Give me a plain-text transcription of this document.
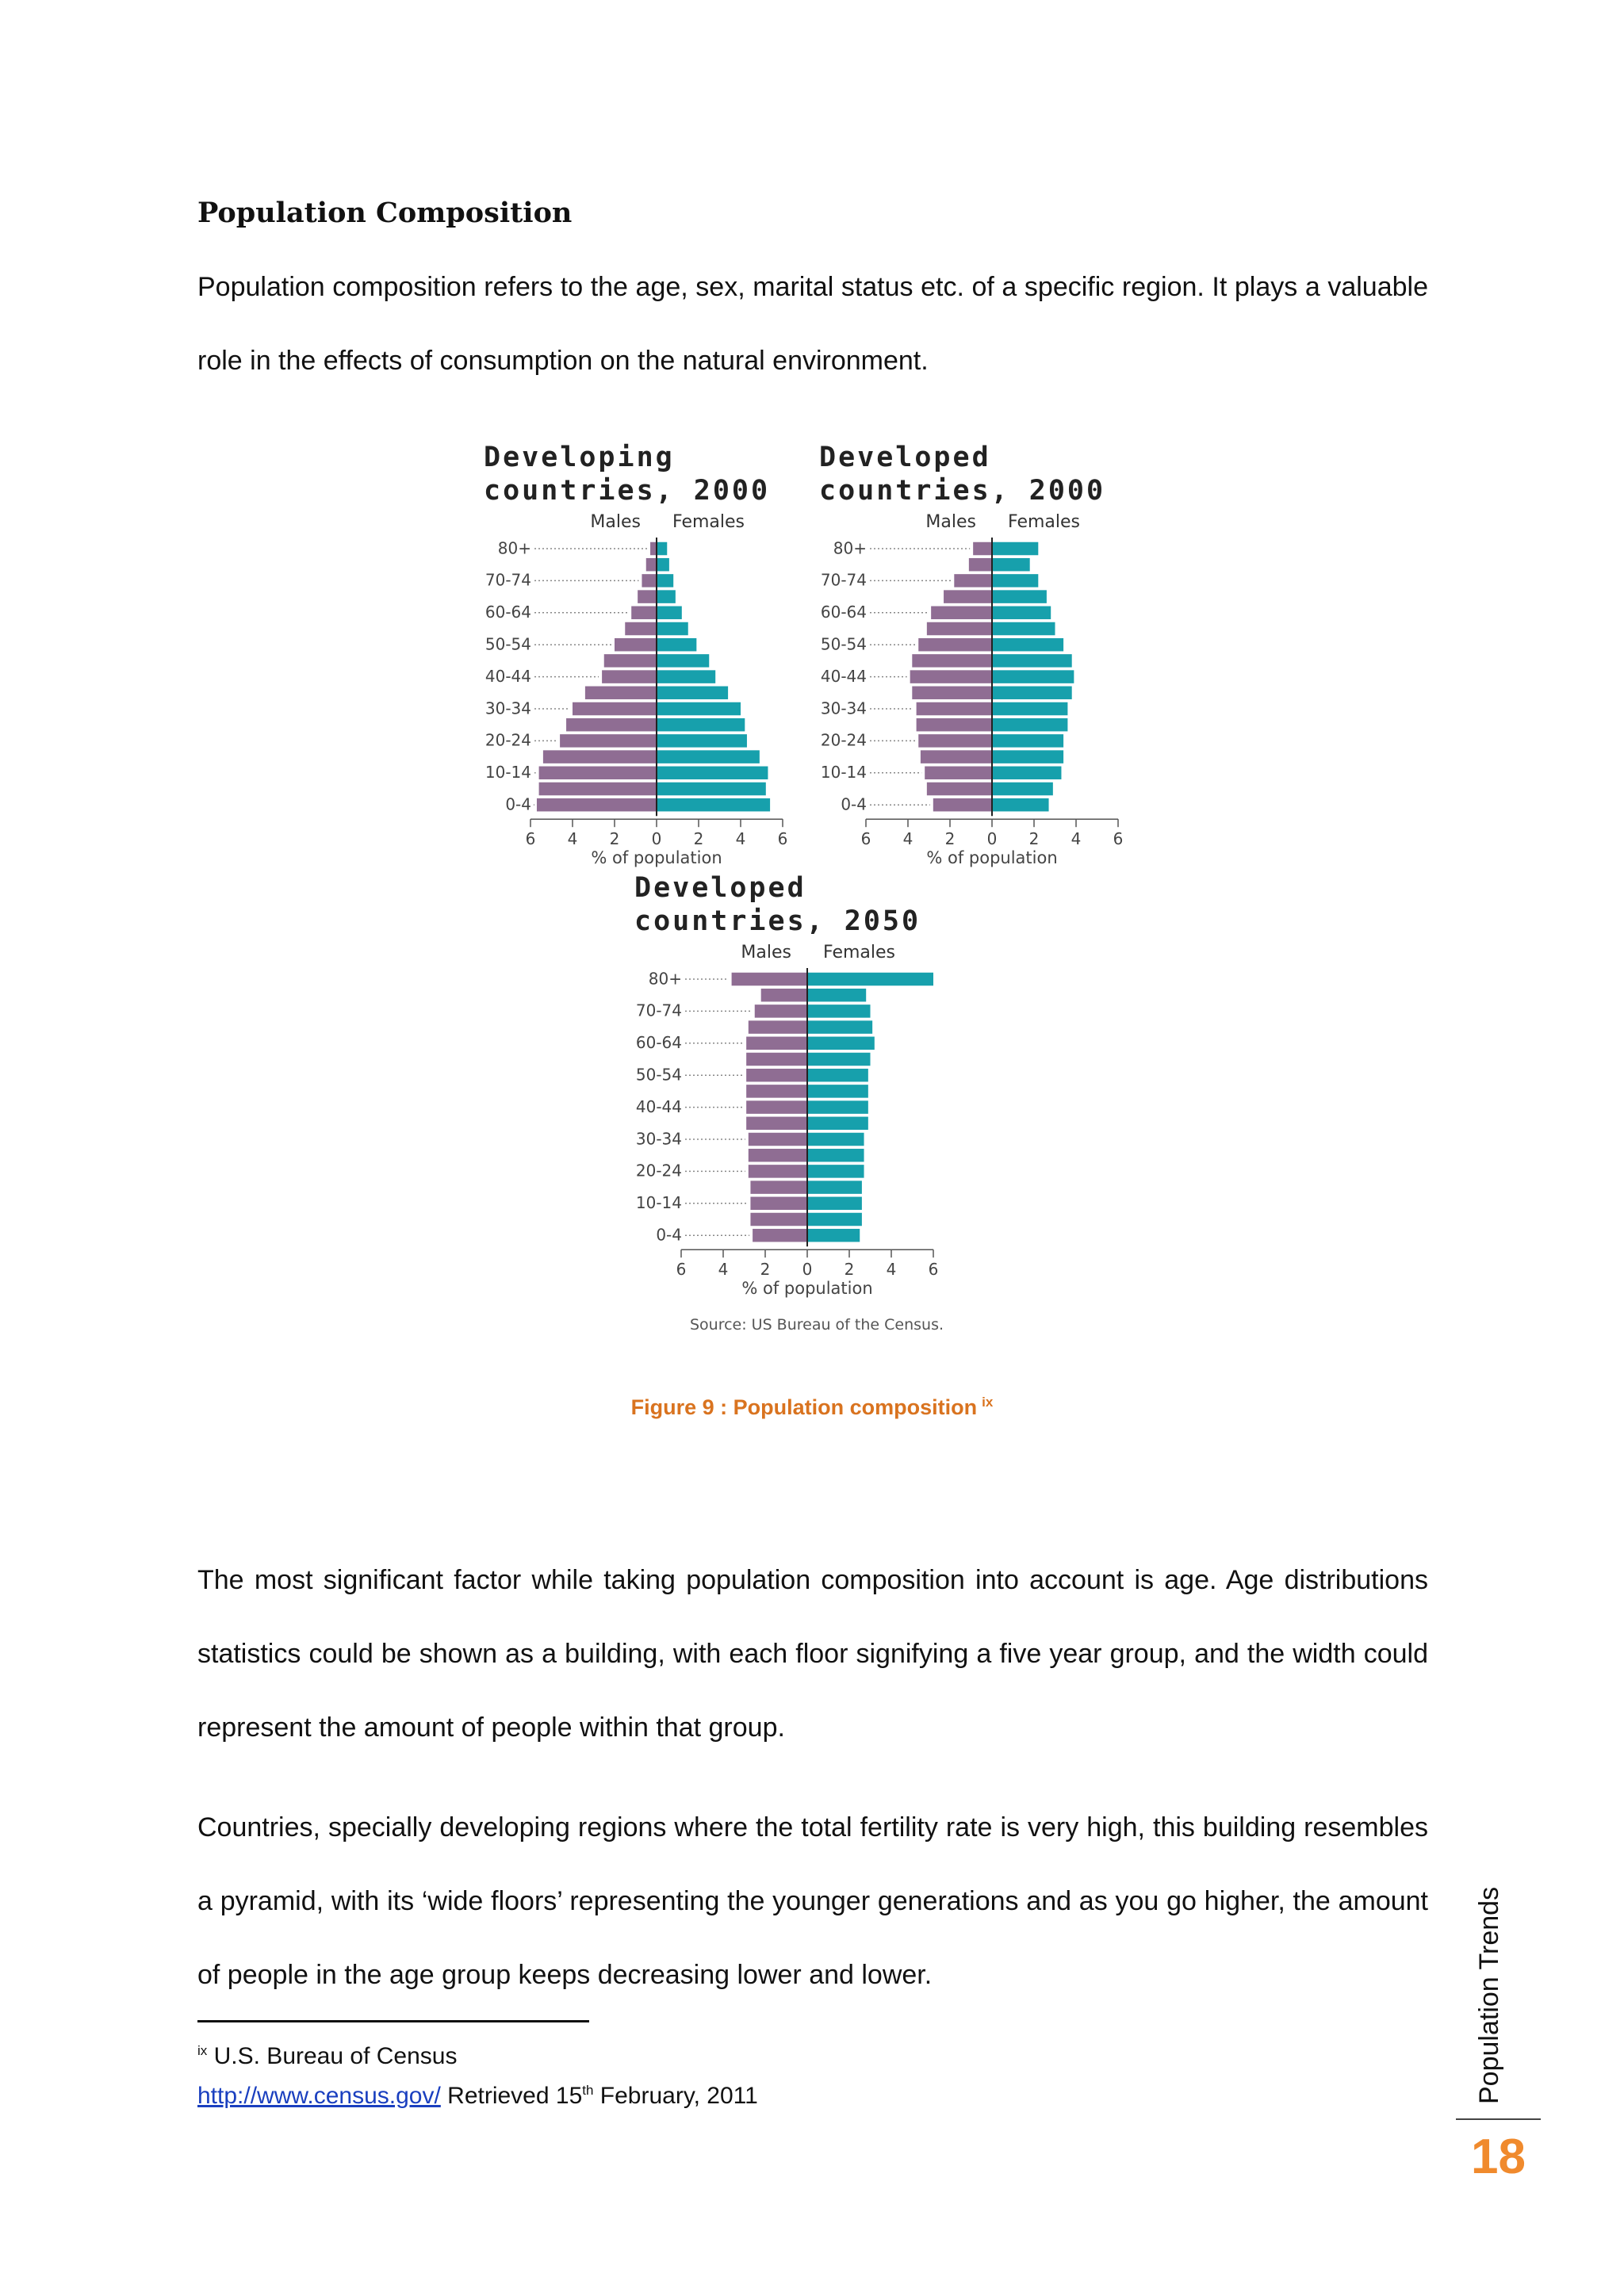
Population Composition

Population composition refers to the age, sex, marital status etc. of a specific region. It plays a valuable role in the effects of consumption on the natural environment.

Developing
countries, 2000
Males Females
0-4
10-14
20-24
30-34
40-44
50-54
60-64
70-74
80+
6 4 2 0 2 4 6
% of population
Developed
countries, 2000
Males Females
0-4
10-14
20-24
30-34
40-44
50-54
60-64
70-74
80+
6 4 2 0 2 4 6
% of population
Developed
countries, 2050
Males Females
0-4
10-14
20-24
30-34
40-44
50-54
60-64
70-74
80+
6 4 2 0 2 4 6
% of population
Source: US Bureau of the Census.
Figure 9 : Population composition $^{ix}$

The most significant factor while taking population composition into account is age. Age distributions statistics could be shown as a building, with each floor signifying a five year group, and the width could represent the amount of people within that group.

Countries, specially developing regions where the total fertility rate is very high, this building resembles a pyramid, with its ‘wide floors’ representing the younger generations and as you go higher, the amount of people in the age group keeps decreasing lower and lower.

$^{ix}$ U.S. Bureau of Census
http://www.census.gov/ Retrieved 15th February, 2011	Population Trends
18
